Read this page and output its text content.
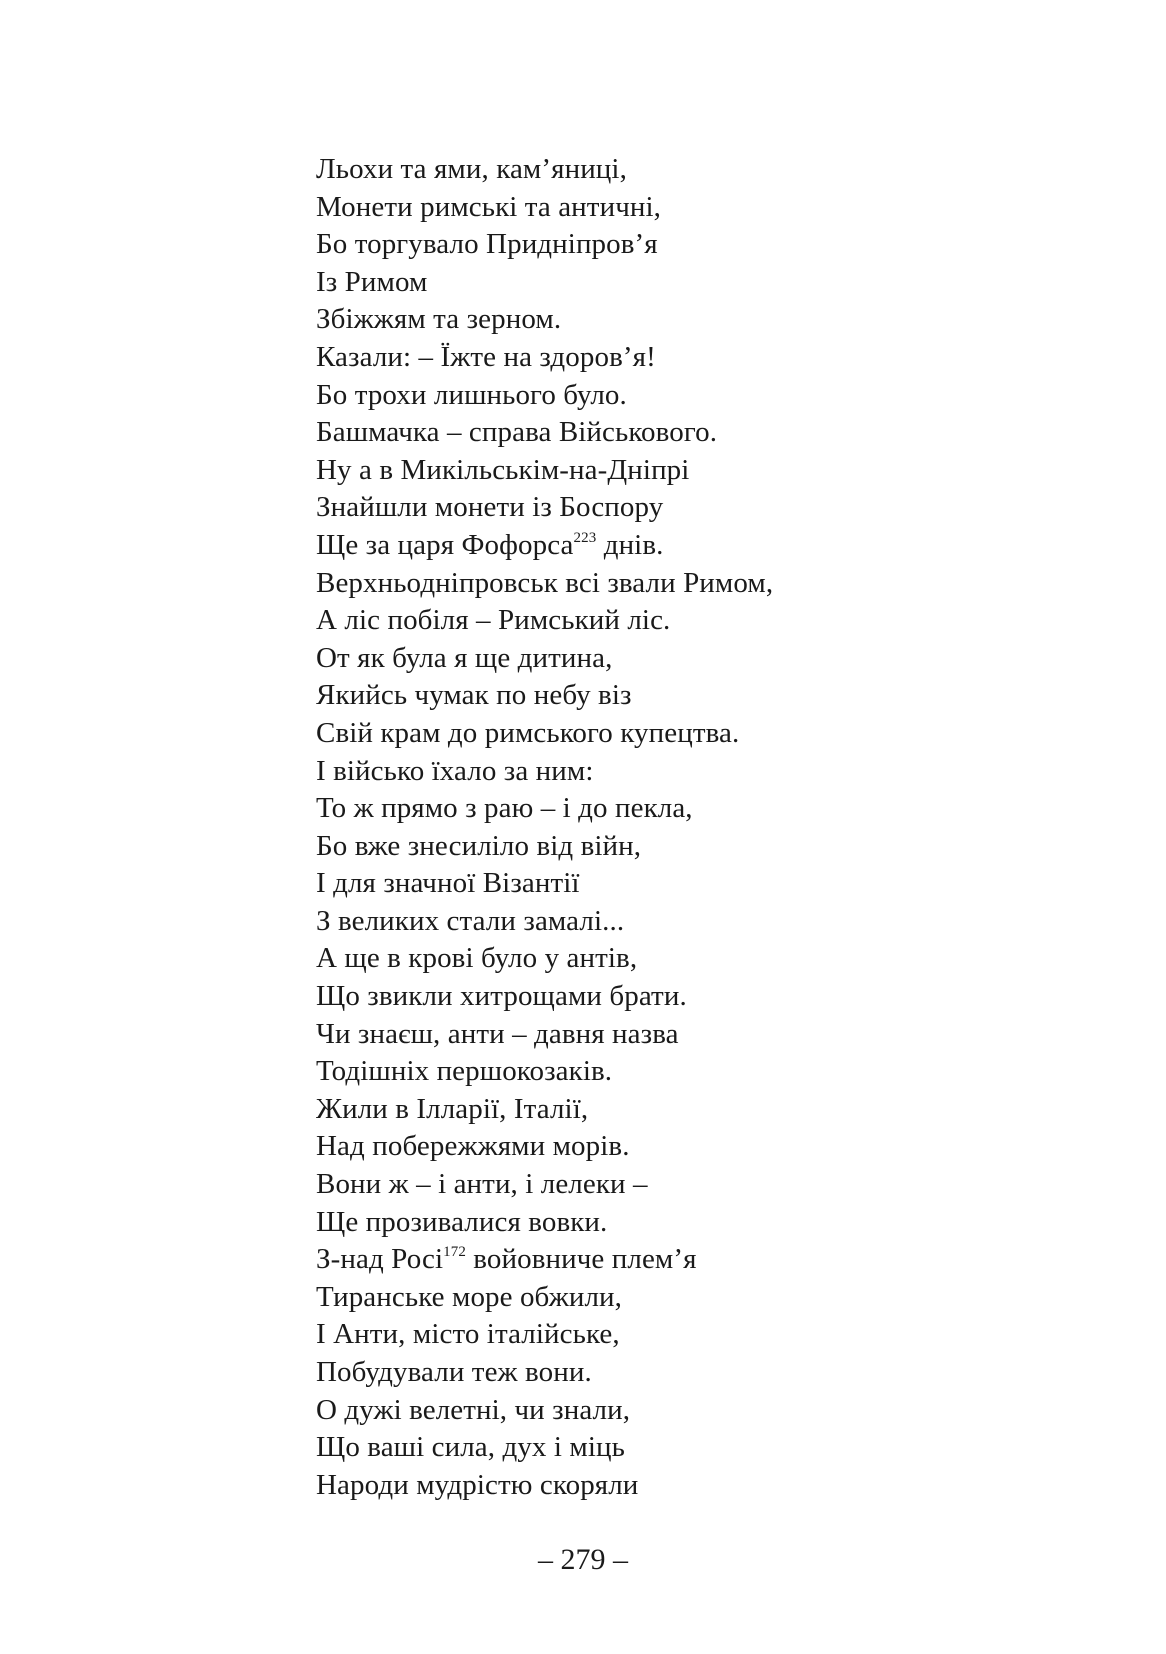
Льохи та ями, кам’яниці,
Монети римські та античні,
Бо торгувало Придніпров’я
Із Римом
Збіжжям та зерном.
Казали: – Їжте на здоров’я!
Бо трохи лишнього було.
Башмачка – справа Військового.
Ну а в Микільськім-на-Дніпрі
Знайшли монети із Боспору
Ще за царя Фофорса$^{223}$ днів.
Верхньодніпровськ всі звали Римом,
А ліс побіля – Римський ліс.
От як була я ще дитина,
Якийсь чумак по небу віз
Свій крам до римського купецтва.
І військо їхало за ним:
То ж прямо з раю – і до пекла,
Бо вже знесиліло від війн,
І для значної Візантії
З великих стали замалі...
А ще в крові було у антів,
Що звикли хитрощами брати.
Чи знаєш, анти – давня назва
Тодішніх першокозаків.
Жили в Ілларії, Італії,
Над побережжями морів.
Вони ж – і анти, і лелеки –
Ще прозивалися вовки.
З-над Росі$^{172}$ войовниче плем’я
Тиранське море обжили,
І Анти, місто італійське,
Побудували теж вони.
О дужі велетні, чи знали,
Що ваші сила, дух і міць
Народи мудрістю скоряли
– 279 –
